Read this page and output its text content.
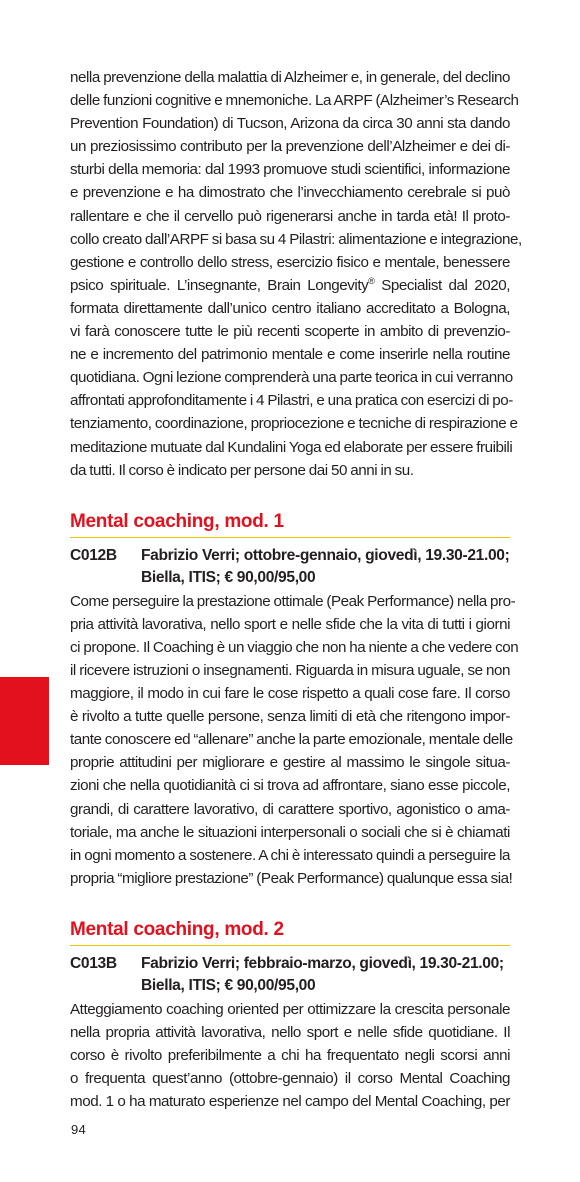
nella prevenzione della malattia di Alzheimer e, in generale, del declino
delle funzioni cognitive e mnemoniche. La ARPF (Alzheimer’s Research
Prevention Foundation) di Tucson, Arizona da circa 30 anni sta dando
un preziosissimo contributo per la prevenzione dell’Alzheimer e dei di-
sturbi della memoria: dal 1993 promuove studi scientifici, informazione
e prevenzione e ha dimostrato che l’invecchiamento cerebrale si può
rallentare e che il cervello può rigenerarsi anche in tarda età! Il proto-
collo creato dall’ARPF si basa su 4 Pilastri: alimentazione e integrazione,
gestione e controllo dello stress, esercizio fisico e mentale, benessere
psico spirituale. L’insegnante, Brain Longevity® Specialist dal 2020,
formata direttamente dall’unico centro italiano accreditato a Bologna,
vi farà conoscere tutte le più recenti scoperte in ambito di prevenzio-
ne e incremento del patrimonio mentale e come inserirle nella routine
quotidiana. Ogni lezione comprenderà una parte teorica in cui verranno
affrontati approfonditamente i 4 Pilastri, e una pratica con esercizi di po-
tenziamento, coordinazione, propriocezione e tecniche di respirazione e
meditazione mutuate dal Kundalini Yoga ed elaborate per essere fruibili
da tutti. Il corso è indicato per persone dai 50 anni in su.

Mental coaching, mod. 1
C012B	Fabrizio Verri; ottobre-gennaio, giovedì, 19.30-21.00;
Biella, ITIS; € 90,00/95,00

Come perseguire la prestazione ottimale (Peak Performance) nella pro-
pria attività lavorativa, nello sport e nelle sfide che la vita di tutti i giorni
ci propone. Il Coaching è un viaggio che non ha niente a che vedere con
il ricevere istruzioni o insegnamenti. Riguarda in misura uguale, se non
maggiore, il modo in cui fare le cose rispetto a quali cose fare. Il corso
è rivolto a tutte quelle persone, senza limiti di età che ritengono impor-
tante conoscere ed “allenare” anche la parte emozionale, mentale delle
proprie attitudini per migliorare e gestire al massimo le singole situa-
zioni che nella quotidianità ci si trova ad affrontare, siano esse piccole,
grandi, di carattere lavorativo, di carattere sportivo, agonistico o ama-
toriale, ma anche le situazioni interpersonali o sociali che si è chiamati
in ogni momento a sostenere. A chi è interessato quindi a perseguire la
propria “migliore prestazione” (Peak Performance) qualunque essa sia!

Mental coaching, mod. 2
C013B	Fabrizio Verri; febbraio-marzo, giovedì, 19.30-21.00;
Biella, ITIS; € 90,00/95,00

Atteggiamento coaching oriented per ottimizzare la crescita personale
nella propria attività lavorativa, nello sport e nelle sfide quotidiane. Il
corso è rivolto preferibilmente a chi ha frequentato negli scorsi anni
o frequenta quest’anno (ottobre-gennaio) il corso Mental Coaching
mod. 1 o ha maturato esperienze nel campo del Mental Coaching, per

94
